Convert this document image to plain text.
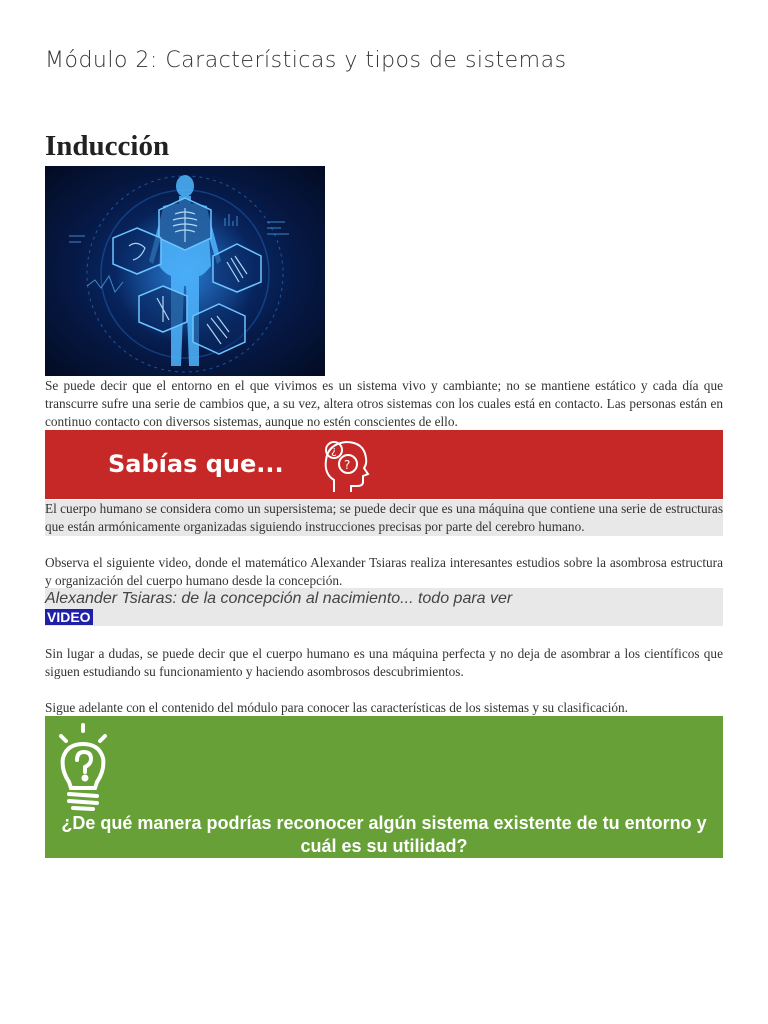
Módulo 2: Características y tipos de sistemas
Inducción
Se puede decir que el entorno en el que vivimos es un sistema vivo y cambiante; no se mantiene estático y cada día que transcurre sufre una serie de cambios que, a su vez, altera otros sistemas con los cuales está en contacto. Las personas están en continuo contacto con diversos sistemas, aunque no estén conscientes de ello.
Sabías que...	¿
?
El cuerpo humano se considera como un supersistema; se puede decir que es una máquina que contiene una serie de estructuras que están armónicamente organizadas siguiendo instrucciones precisas por parte del cerebro humano.
Observa el siguiente video, donde el matemático Alexander Tsiaras realiza interesantes estudios sobre la asombrosa estructura y organización del cuerpo humano desde la concepción.
Alexander Tsiaras: de la concepción al nacimiento... todo para ver
VIDEO
Sin lugar a dudas, se puede decir que el cuerpo humano es una máquina perfecta y no deja de asombrar a los científicos que siguen estudiando su funcionamiento y haciendo asombrosos descubrimientos.
Sigue adelante con el contenido del módulo para conocer las características de los sistemas y su clasificación.
¿De qué manera podrías reconocer algún sistema existente de tu entorno y cuál es su utilidad?
